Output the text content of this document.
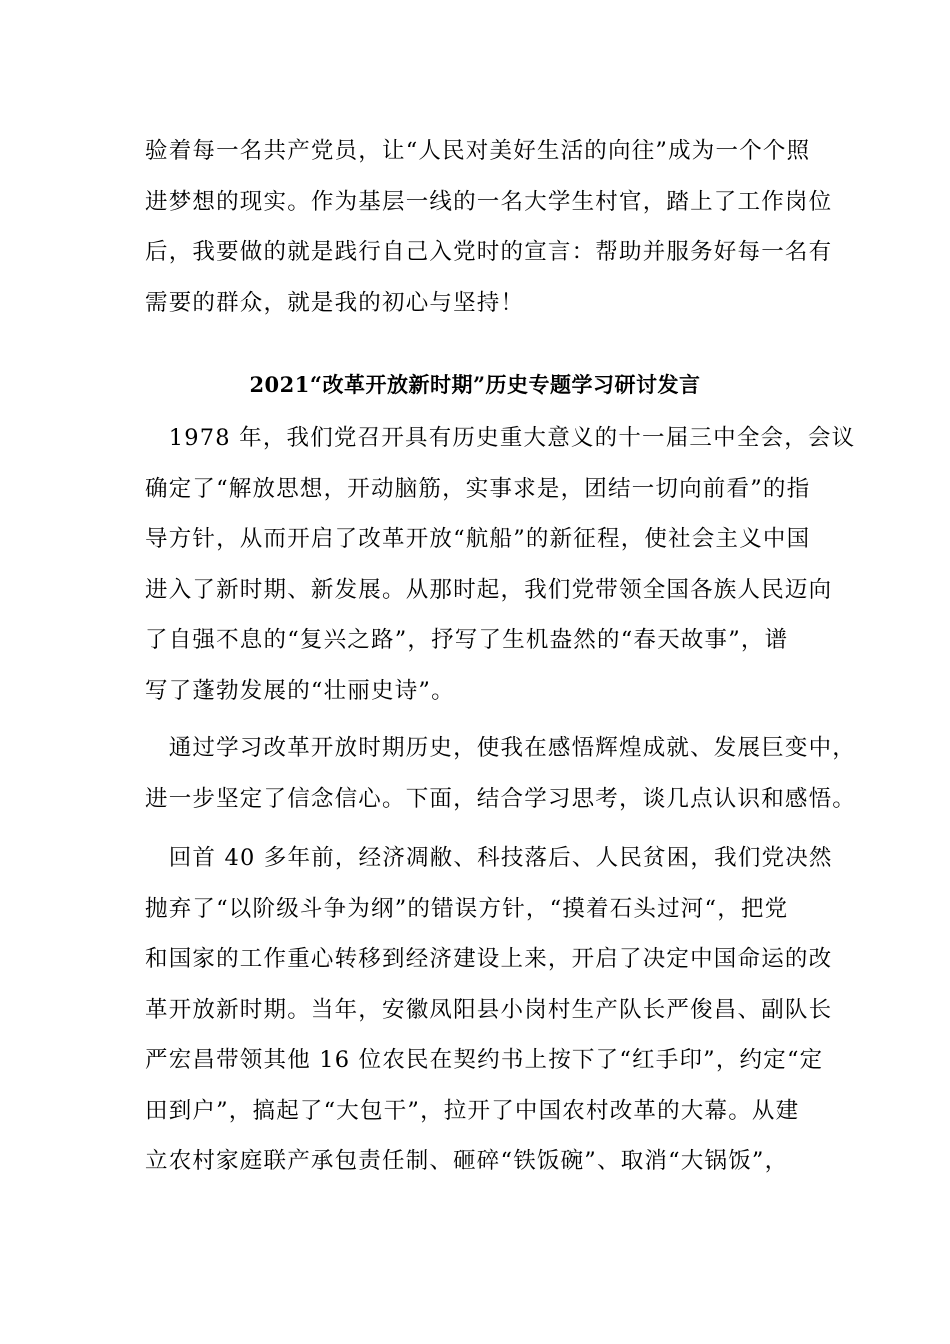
验着每一名共产党员，让“人民对美好生活的向往”成为一个个照
进梦想的现实。作为基层一线的一名大学生村官，踏上了工作岗位
后，我要做的就是践行自己入党时的宣言：帮助并服务好每一名有
需要的群众，就是我的初心与坚持！
2021“改革开放新时期”历史专题学习研讨发言
　1978 年，我们党召开具有历史重大意义的十一届三中全会，会议
确定了“解放思想，开动脑筋，实事求是，团结一切向前看”的指
导方针，从而开启了改革开放“航船”的新征程，使社会主义中国
进入了新时期、新发展。从那时起，我们党带领全国各族人民迈向
了自强不息的“复兴之路”，抒写了生机盎然的“春天故事”，谱
写了蓬勃发展的“壮丽史诗”。
　通过学习改革开放时期历史，使我在感悟辉煌成就、发展巨变中，
进一步坚定了信念信心。下面，结合学习思考，谈几点认识和感悟。
　回首 40 多年前，经济凋敝、科技落后、人民贫困，我们党决然
抛弃了“以阶级斗争为纲”的错误方针，“摸着石头过河“，把党
和国家的工作重心转移到经济建设上来，开启了决定中国命运的改
革开放新时期。当年，安徽凤阳县小岗村生产队长严俊昌、副队长
严宏昌带领其他 16 位农民在契约书上按下了“红手印”，约定“定
田到户”，搞起了“大包干”，拉开了中国农村改革的大幕。从建
立农村家庭联产承包责任制、砸碎“铁饭碗”、取消“大锅饭”，
